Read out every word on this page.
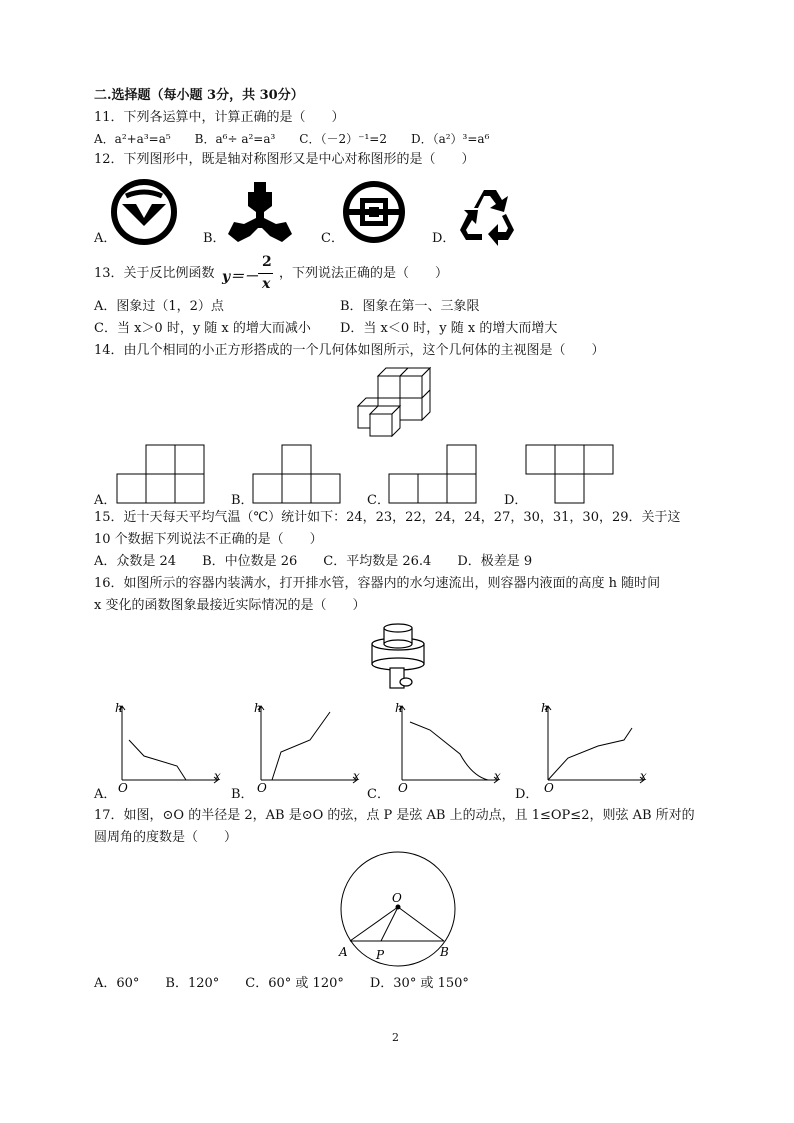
二.选择题（每小题 3分，共 30分）
11．下列各运算中，计算正确的是（　　）
A．a²+a³=a⁵　　B．a⁶÷ a²=a³　　C．（－2）⁻¹=2　　D．（a²）³=a⁶
12．下列图形中，既是轴对称图形又是中心对称图形的是（　　）
A．	B．	C．	D．
13．关于反比例函数 y＝－
2
x
，下列说法正确的是（　　）
A．图象过（1，2）点	B．图象在第一、三象限
C．当 x＞0 时，y 随 x 的增大而减小 D．当 x＜0 时，y 随 x 的增大而增大
14．由几个相同的小正方形搭成的一个几何体如图所示，这个几何体的主视图是（　　）
A．	B．	C．	D．
15．近十天每天平均气温（℃）统计如下：24，23，22，24，24，27，30，31，30，29．关于这
10 个数据下列说法不正确的是（　　）
A．众数是 24　　B．中位数是 26　　C．平均数是 26.4　　D．极差是 9
16．如图所示的容器内装满水，打开排水管，容器内的水匀速流出，则容器内液面的高度 h 随时间
x 变化的函数图象最接近实际情况的是（　　）
h
x
O
A．
h
x
O
B．
h
x
O
C．
h
x
O
D．
17．如图，⊙O 的半径是 2，AB 是⊙O 的弦，点 P 是弦 AB 上的动点，且 1≤OP≤2，则弦 AB 所对的
圆周角的度数是（　　）
O
A	B
P
A．60°　　B．120°　　C．60° 或 120°　　D．30° 或 150°
2
